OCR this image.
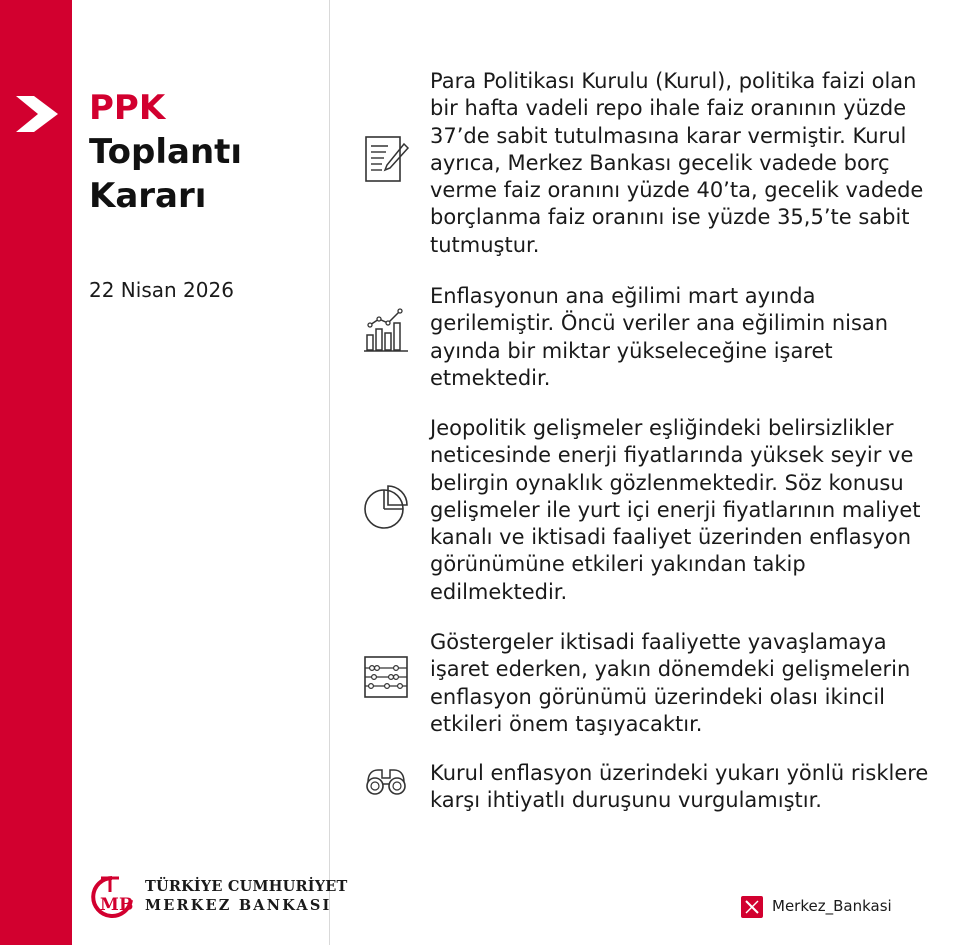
PPK
Toplantı
Kararı
22 Nisan 2026
Para Politikası Kurulu (Kurul), politika faizi olan bir hafta vadeli repo ihale faiz oranının yüzde 37’de sabit tutulmasına karar vermiştir. Kurul ayrıca, Merkez Bankası gecelik vadede borç verme faiz oranını yüzde 40’ta, gecelik vadede borçlanma faiz oranını ise yüzde 35,5’te sabit tutmuştur.
Enflasyonun ana eğilimi mart ayında gerilemiştir. Öncü veriler ana eğilimin nisan ayında bir miktar yükseleceğine işaret etmektedir.
Jeopolitik gelişmeler eşliğindeki belirsizlikler neticesinde enerji fiyatlarında yüksek seyir ve belirgin oynaklık gözlenmektedir. Söz konusu gelişmeler ile yurt içi enerji fiyatlarının maliyet kanalı ve iktisadi faaliyet üzerinden enflasyon görünümüne etkileri yakından takip edilmektedir.
Göstergeler iktisadi faaliyette yavaşlamaya işaret ederken, yakın dönemdeki gelişmelerin enflasyon görünümü üzerindeki olası ikincil etkileri önem taşıyacaktır.
Kurul enflasyon üzerindeki yukarı yönlü risklere karşı ihtiyatlı duruşunu vurgulamıştır.
M B
TÜRKİYE CUMHURİYET
MERKEZ BANKASI	Merkez_Bankasi
